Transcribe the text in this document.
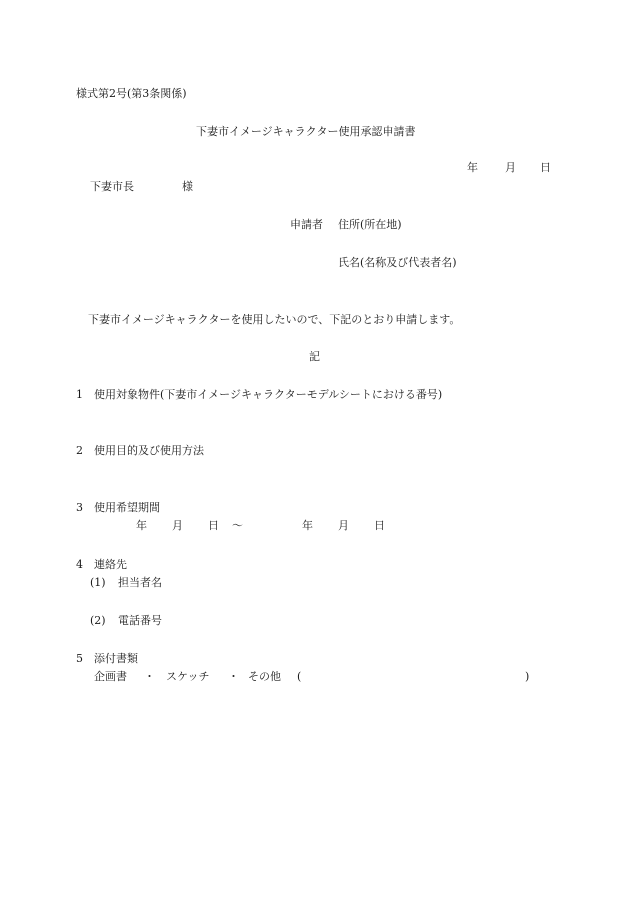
様式第2号(第3条関係)
下妻市イメージキャラクター使用承認申請書
年 月 日
下妻市長	様
申請者 住所(所在地)
氏名(名称及び代表者名)
下妻市イメージキャラクターを使用したいので、下記のとおり申請します。
記
1 使用対象物件(下妻市イメージキャラクターモデルシートにおける番号)
2 使用目的及び使用方法
3 使用希望期間
年 月 日 〜	年 月 日
4 連絡先
(1) 担当者名
(2) 電話番号
5 添付書類
企画書 ・ スケッチ ・ その他 (	)
